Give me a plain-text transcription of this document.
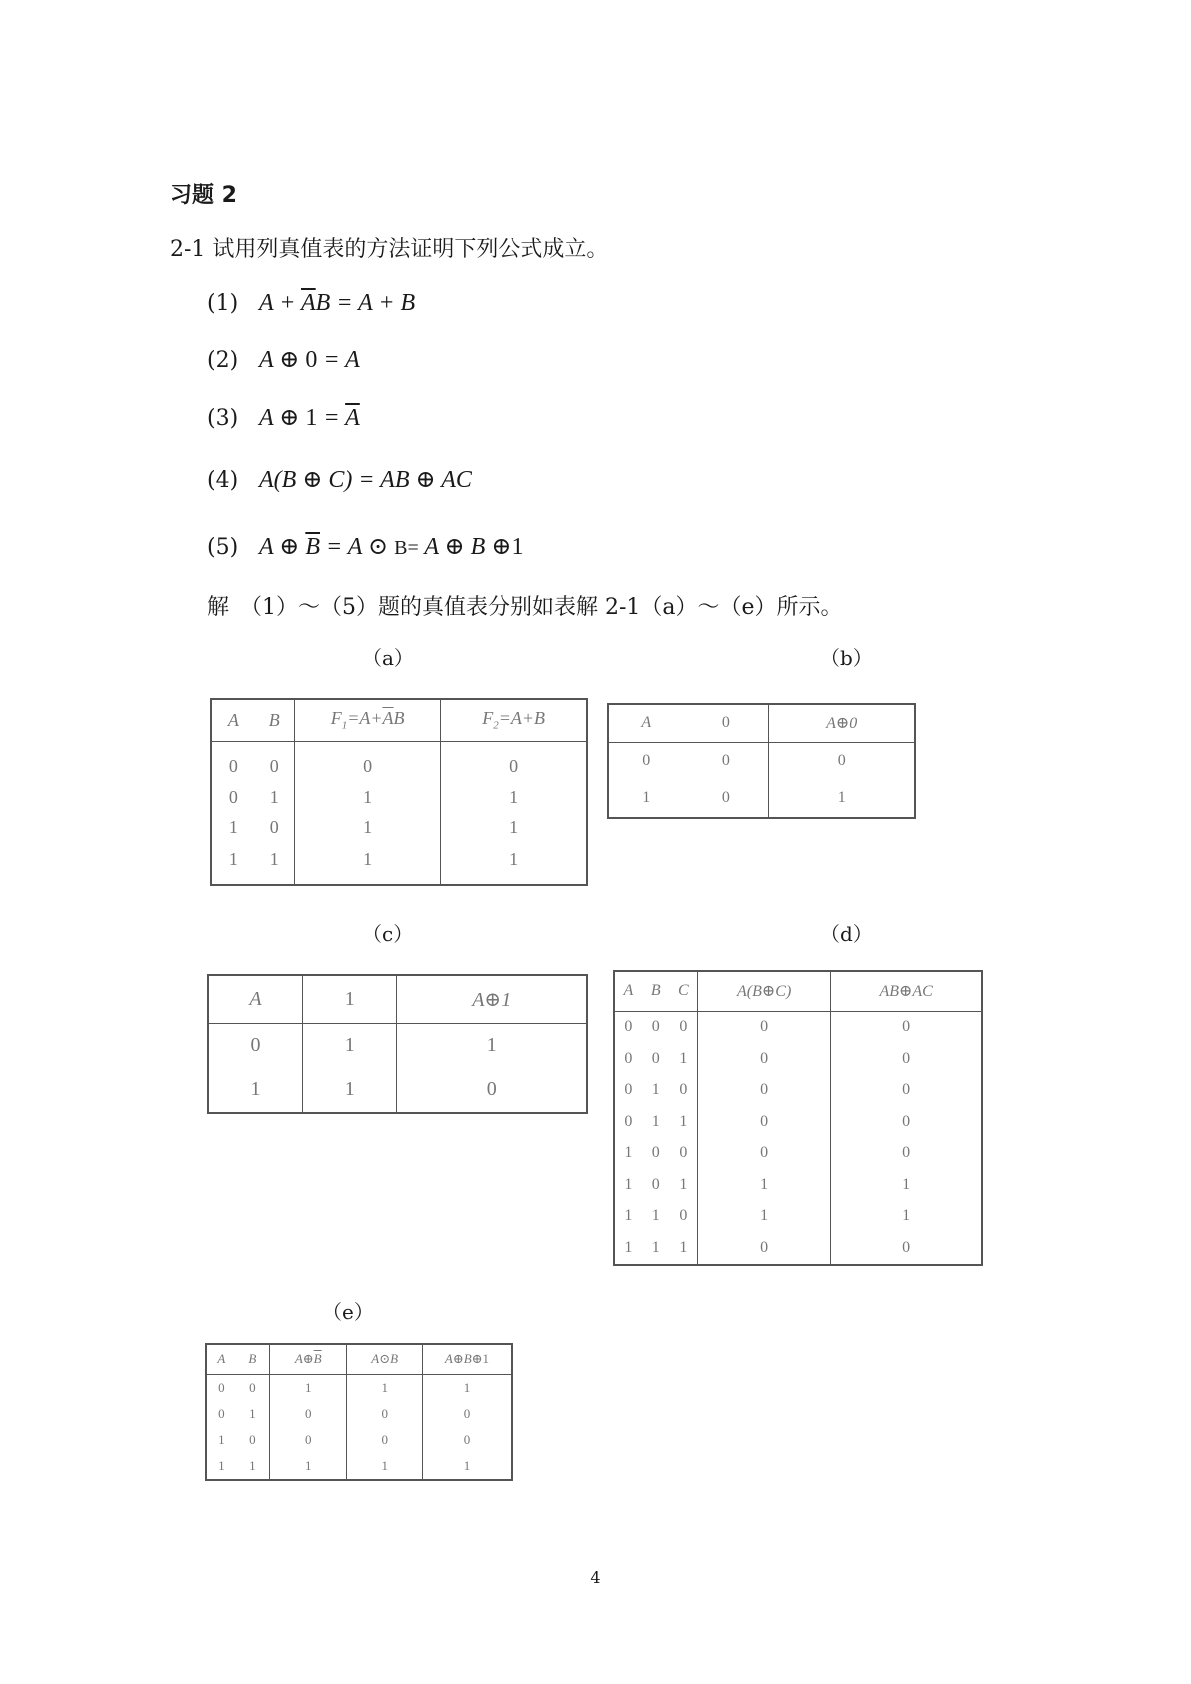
习题 2
2-1 试用列真值表的方法证明下列公式成立。
(1) $A + \overline{A}B = A + B$
(2) A ⊕ 0 = A
(3) A ⊕ $1 = \overline{A}$
(4) A(B ⊕ C) = AB ⊕ AC
(5) A ⊕ $\overline{B} = A$ ⊙ B= A ⊕ B ⊕1
解　（1）～（5）题的真值表分别如表解 2-1（a）～（e）所示。
（a）	（b）
（c）	（d）
（e）
A	B	$F_1=A+\overline{A}B$	$F_2=A+B$
0	0	0	0
0	1	1	1
1	0	1	1
1	1	1	1
A	0	A⊕0
0	0	0
1	0	1
A	1	A⊕1
0	1	1
1	1	0
A	B	C	A(B⊕C)	AB⊕AC
0	0	0	0	0
0	0	1	0	0
0	1	0	0	0
0	1	1	0	0
1	0	0	0	0
1	0	1	1	1
1	1	0	1	1
1	1	1	0	0
A	B	$A\oplus\overline{B}$	A⊙B	A⊕B⊕1
0	0	1	1	1
0	1	0	0	0
1	0	0	0	0
1	1	1	1	1
4
